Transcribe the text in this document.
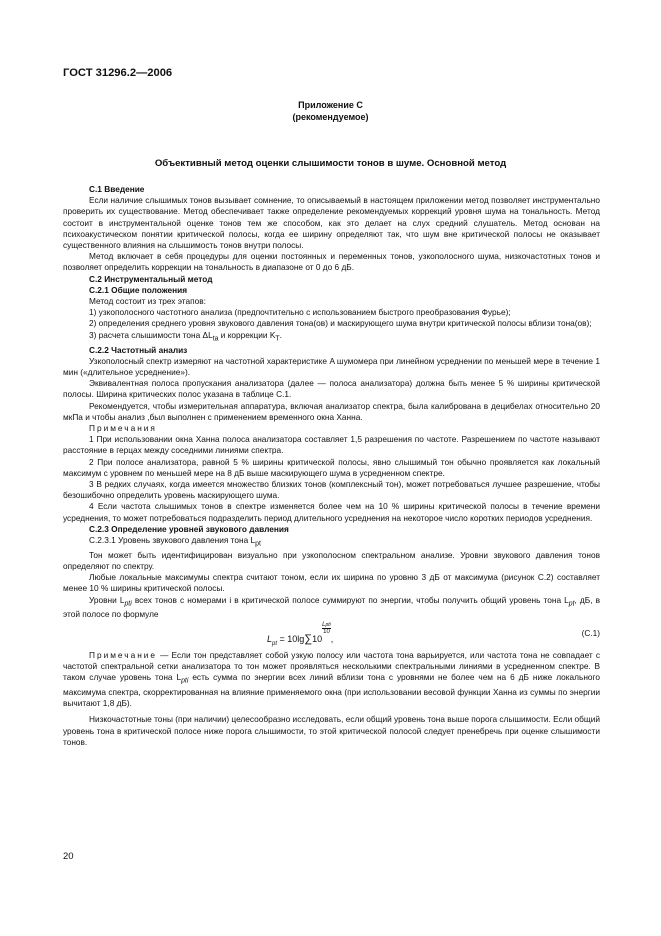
ГОСТ 31296.2—2006
Приложение С
(рекомендуемое)
Объективный метод оценки слышимости тонов в шуме. Основной метод

С.1 Введение

Если наличие слышимых тонов вызывает сомнение, то описываемый в настоящем приложении метод позволяет инструментально проверить их существование. Метод обеспечивает также определение рекомендуемых коррекций уровня шума на тональность. Метод состоит в инструментальной оценке тонов тем же способом, как это делает на слух средний слушатель. Метод основан на психоакустическом понятии критической полосы, когда ее ширину определяют так, что шум вне критической полосы не оказывает существенного влияния на слышимость тонов внутри полосы.

Метод включает в себя процедуры для оценки постоянных и переменных тонов, узкополосного шума, низкочастотных тонов и позволяет определить коррекции на тональность в диапазоне от 0 до 6 дБ.

С.2 Инструментальный метод

С.2.1 Общие положения

Метод состоит из трех этапов:

1) узкополосного частотного анализа (предпочтительно с использованием быстрого преобразования Фурье);

2) определения среднего уровня звукового давления тона(ов) и маскирующего шума внутри критической полосы вблизи тона(ов);

3) расчета слышимости тона $\Delta L_{ta}$ и коррекции $K_T$.

С.2.2 Частотный анализ

Узкополосный спектр измеряют на частотной характеристике A шумомера при линейном усреднении по меньшей мере в течение 1 мин («длительное усреднение»).

Эквивалентная полоса пропускания анализатора (далее — полоса анализатора) должна быть менее 5 % ширины критической полосы. Ширина критических полос указана в таблице С.1.

Рекомендуется, чтобы измерительная аппаратура, включая анализатор спектра, была калибрована в децибелах относительно 20 мкПа и чтобы анализ ,был выполнен с применением временного окна Ханна.

Примечания

1 При использовании окна Ханна полоса анализатора составляет 1,5 разрешения по частоте. Разрешением по частоте называют расстояние в герцах между соседними линиями спектра.

2 При полосе анализатора, равной 5 % ширины критической полосы, явно слышимый тон обычно проявляется как локальный максимум с уровнем по меньшей мере на 8 дБ выше маскирующего шума в усредненном спектре.

3 В редких случаях, когда имеется множество близких тонов (комплексный тон), может потребоваться лучшее разрешение, чтобы безошибочно определить уровень маскирующего шума.

4 Если частота слышимых тонов в спектре изменяется более чем на 10 % ширины критической полосы в течение времени усреднения, то может потребоваться подразделить период длительного усреднения на некоторое число коротких периодов усреднения.

С.2.3 Определение уровней звукового давления

С.2.3.1 Уровень звукового давления тона $L_{pt}$

Тон может быть идентифицирован визуально при узкополосном спектральном анализе. Уровни звукового давления тонов определяют по спектру.

Любые локальные максимумы спектра считают тоном, если их ширина по уровню 3 дБ от максимума (рисунок С.2) составляет менее 10 % ширины критической полосы.

Уровни $L_{pti}$ всех тонов с номерами i в критической полосе суммируют по энергии, чтобы получить общий уровень тона $L_{pt}$, дБ, в этой полосе по формуле

$L_{pt} = 10\lg\sum 10$
$^{Lpti 10}$
,
(С.1)

Примечание — Если тон представляет собой узкую полосу или частота тона варьируется, или частота тона не совпадает с частотой спектральной сетки анализатора то тон может проявляться несколькими спектральными линиями в усредненном спектре. В таком случае уровень тона $L_{pti}$ есть сумма по энергии всех линий вблизи тона с уровнями не более чем на 6 дБ ниже локального максимума спектра, скорректированная на влияние применяемого окна (при использовании весовой функции Ханна из суммы по энергии вычитают 1,8 дБ).

Низкочастотные тоны (при наличии) целесообразно исследовать, если общий уровень тона выше порога слышимости. Если общий уровень тона в критической полосе ниже порога слышимости, то этой критической полосой следует пренебречь при оценке слышимости тонов.

20
